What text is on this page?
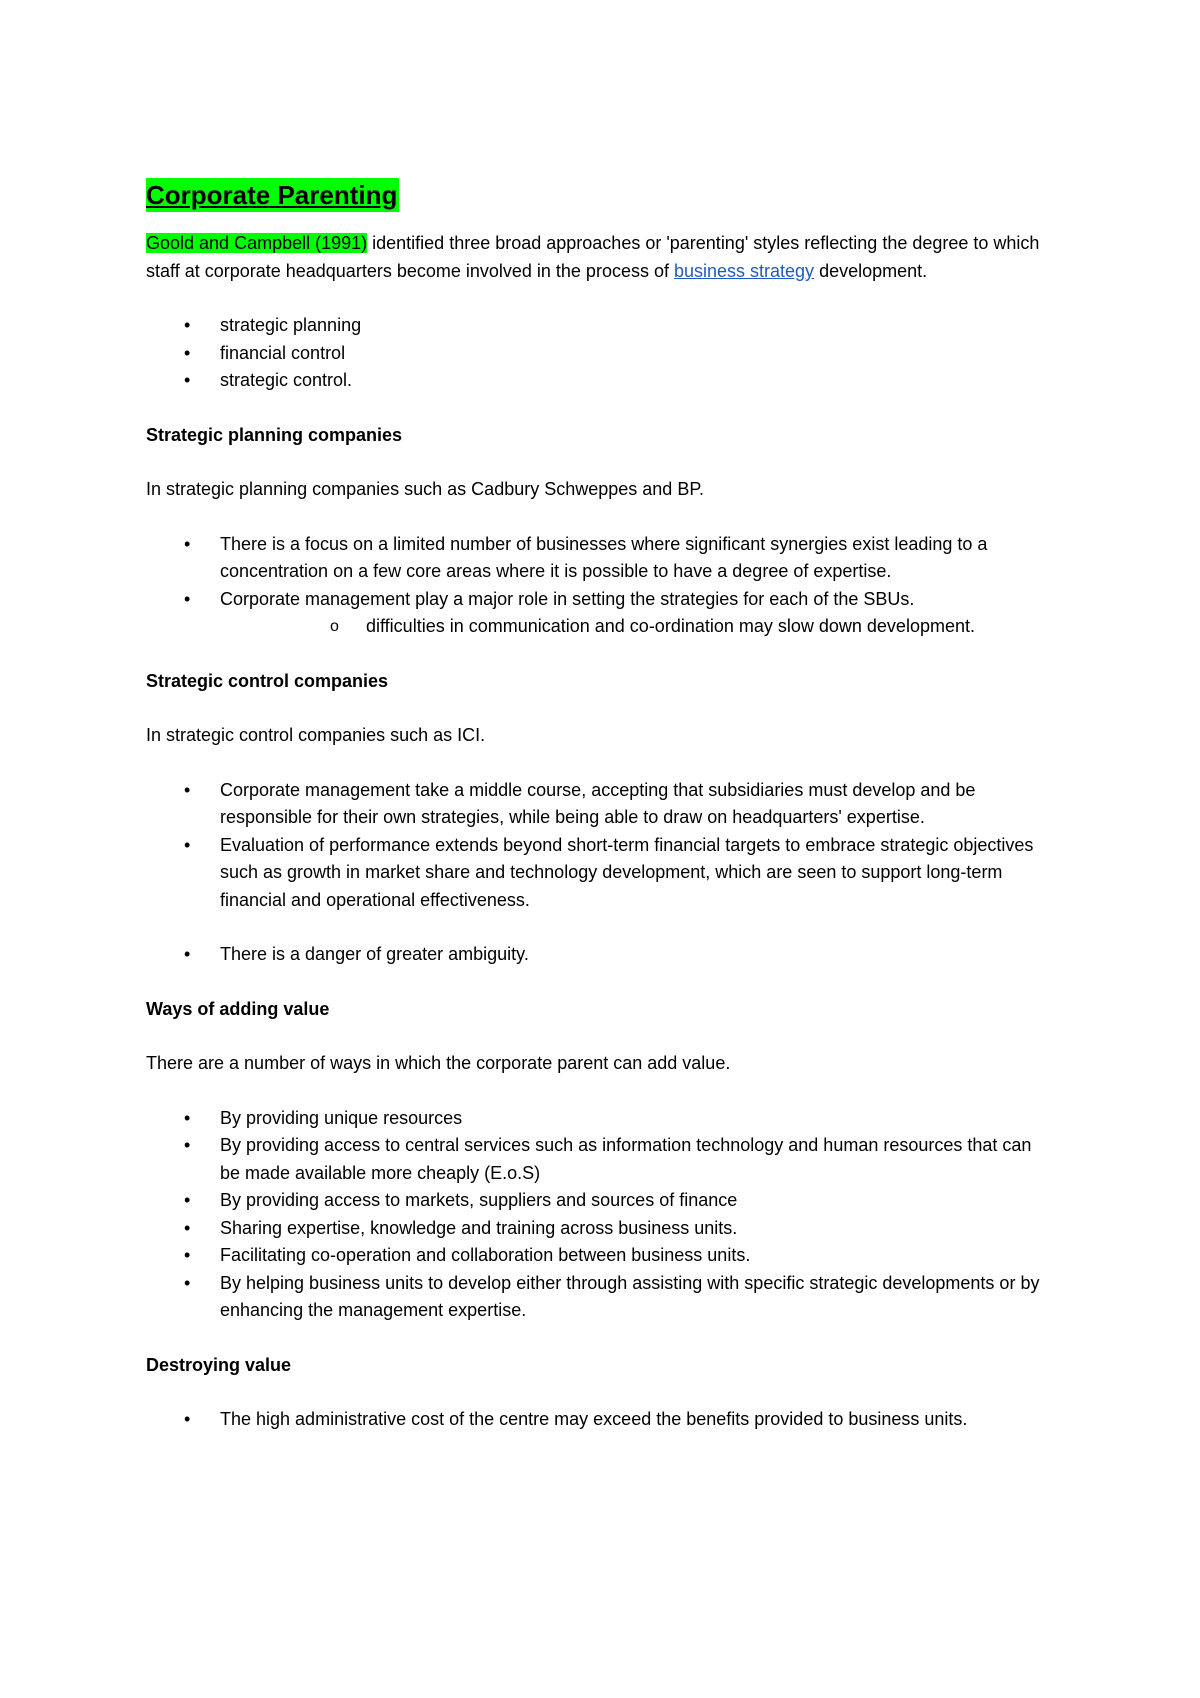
Corporate Parenting

Goold and Campbell (1991) identified three broad approaches or 'parenting' styles reflecting the degree to which staff at corporate headquarters become involved in the process of business strategy development.

• strategic planning
• financial control
• strategic control.
Strategic planning companies

In strategic planning companies such as Cadbury Schweppes and BP.

• There is a focus on a limited number of businesses where significant synergies exist leading to a concentration on a few core areas where it is possible to have a degree of expertise.
• Corporate management play a major role in setting the strategies for each of the SBUs.
o difficulties in communication and co-ordination may slow down development.
Strategic control companies

In strategic control companies such as ICI.

• Corporate management take a middle course, accepting that subsidiaries must develop and be responsible for their own strategies, while being able to draw on headquarters' expertise.
• Evaluation of performance extends beyond short-term financial targets to embrace strategic objectives such as growth in market share and technology development, which are seen to support long-term financial and operational effectiveness.
• There is a danger of greater ambiguity.
Ways of adding value

There are a number of ways in which the corporate parent can add value.

• By providing unique resources
• By providing access to central services such as information technology and human resources that can be made available more cheaply (E.o.S)
• By providing access to markets, suppliers and sources of finance
• Sharing expertise, knowledge and training across business units.
• Facilitating co-operation and collaboration between business units.
• By helping business units to develop either through assisting with specific strategic developments or by enhancing the management expertise.
Destroying value
• The high administrative cost of the centre may exceed the benefits provided to business units.
